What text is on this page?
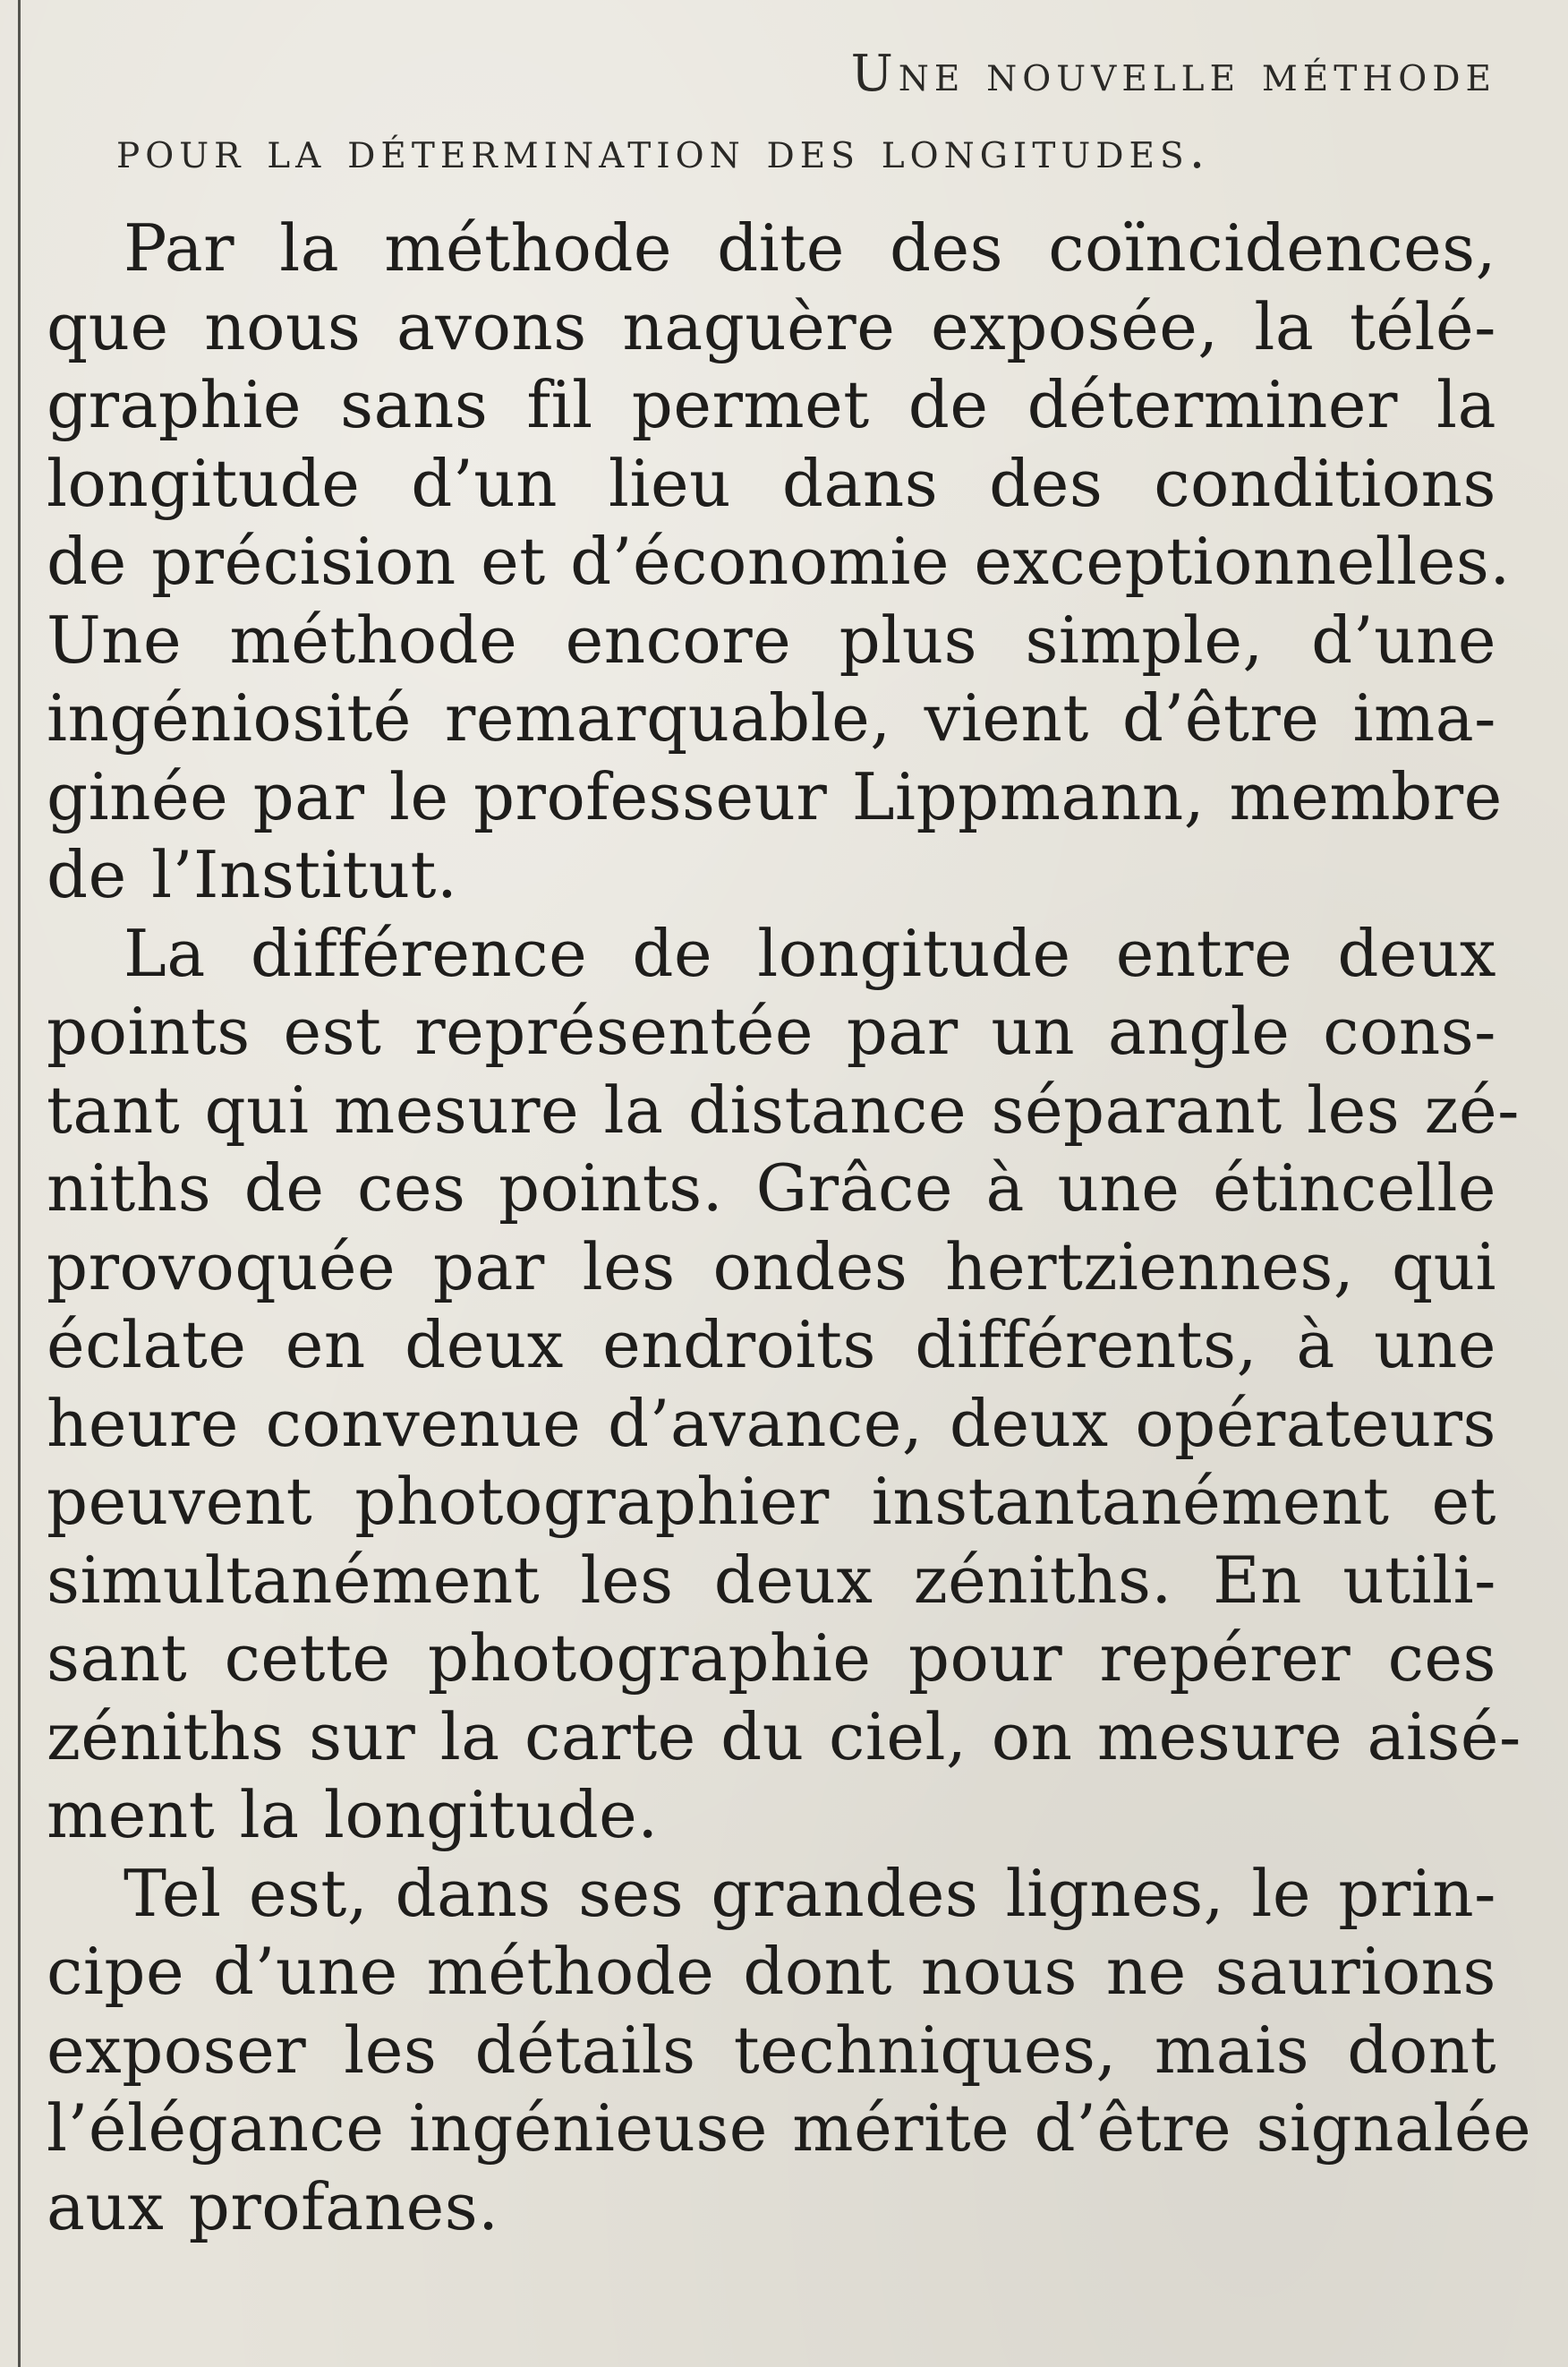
Une nouvelle méthode
pour la détermination des longitudes.

Par la méthode dite des coïncidences,
que nous avons naguère exposée, la télé-
graphie sans fil permet de déterminer la
longitude d’un lieu dans des conditions
de précision et d’économie exceptionnelles.
Une méthode encore plus simple, d’une
ingéniosité remarquable, vient d’être ima-
ginée par le professeur Lippmann, membre
de l’Institut.

La différence de longitude entre deux
points est représentée par un angle cons-
tant qui mesure la distance séparant les zé-
niths de ces points. Grâce à une étincelle
provoquée par les ondes hertziennes, qui
éclate en deux endroits différents, à une
heure convenue d’avance, deux opérateurs
peuvent photographier instantanément et
simultanément les deux zéniths. En utili-
sant cette photographie pour repérer ces
zéniths sur la carte du ciel, on mesure aisé-
ment la longitude.

Tel est, dans ses grandes lignes, le prin-
cipe d’une méthode dont nous ne saurions
exposer les détails techniques, mais dont
l’élégance ingénieuse mérite d’être signalée
aux profanes.
